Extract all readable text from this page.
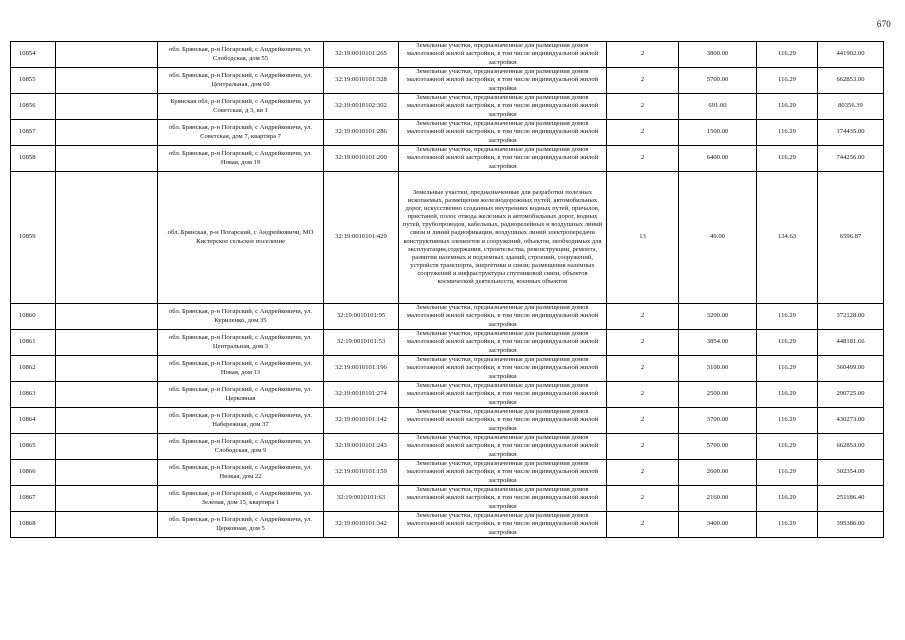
670
10854		обл. Брянская, р-н Погарский, с Андрейковичи, ул. Слободская, дом 55	32:19:0010101:265	Земельные участки, предназначенные для размещения домов малоэтажной жилой застройки, в том числе индивидуальной жилой застройки	2	3800.00	116.29	441902.00
10855		обл. Брянская, р-н Погарский, с Андрейковичи, ул. Центральная, дом 60	32:19:0010101:328	Земельные участки, предназначенные для размещения домов малоэтажной жилой застройки, в том числе индивидуальной жилой застройки	2	5700.00	116.29	662853.00
10856		Брянская обл, р-н Погарский, с Андрейковичи, ул Советская, д 3, кв 1	32:19:0010102:302	Земельные участки, предназначенные для размещения домов малоэтажной жилой застройки, в том числе индивидуальной жилой застройки	2	691.00	116.29	80356.39
10857		обл. Брянская, р-н Погарский, с Андрейковичи, ул. Советская, дом 7, квартира 7	32:19:0010101:286	Земельные участки, предназначенные для размещения домов малоэтажной жилой застройки, в том числе индивидуальной жилой застройки	2	1500.00	116.29	174435.00
10858		обл. Брянская, р-н Погарский, с Андрейковичи, ул. Новая, дом 19	32:19:0010101:200	Земельные участки, предназначенные для размещения домов малоэтажной жилой застройки, в том числе индивидуальной жилой застройки	2	6400.00	116.29	744256.00
10859		обл. Брянская, р-н Погарский, с Андрейковичи, МО Кистерское сельское поселение	32:19:0010101:429	Земельные участки, предназначенные для разработки полезных ископаемых, размещения железнодорожных путей, автомобильных дорог, искусственно созданных внутренних водных путей, причалов, пристаней, полос отвода железных и автомобильных дорог, водных путей, трубопроводов, кабельных, радиорелейных и воздушных линий связи и линий радиофикации, воздушных линий электропередачи конструктивных элементов и сооружений, объектов, необходимых для эксплуатации,содержания, строительства, реконструкции, ремонта, развития наземных и подземных зданий, строений, сооружений, устройств транспорта, энергетики и связи; размещения наземных сооружений и инфраструктуры спутниковой связи, объектов космической деятельности, военных объектов	13	49.00	134.63	6596.87
10860		обл. Брянская, р-н Погарский, с Андрейковичи, ул. Куриленко, дом 35	32:19:0010101:95	Земельные участки, предназначенные для размещения домов малоэтажной жилой застройки, в том числе индивидуальной жилой застройки	2	3200.00	116.29	372128.00
10861		обл. Брянская, р-н Погарский, с Андрейковичи, ул. Центральная, дом 3	32:19:0010101:53	Земельные участки, предназначенные для размещения домов малоэтажной жилой застройки, в том числе индивидуальной жилой застройки	2	3854.00	116.29	448181.66
10862		обл. Брянская, р-н Погарский, с Андрейковичи, ул. Новая, дом 13	32:19:0010101:196	Земельные участки, предназначенные для размещения домов малоэтажной жилой застройки, в том числе индивидуальной жилой застройки	2	3100.00	116.29	360499.00
10863		обл. Брянская, р-н Погарский, с Андрейковичи, ул. Церковная	32:19:0010101:274	Земельные участки, предназначенные для размещения домов малоэтажной жилой застройки, в том числе индивидуальной жилой застройки	2	2500.00	116.29	290725.00
10864		обл. Брянская, р-н Погарский, с Андрейковичи, ул. Набережная, дом 37	32:19:0010101:142	Земельные участки, предназначенные для размещения домов малоэтажной жилой застройки, в том числе индивидуальной жилой застройки	2	3700.00	116.29	430273.00
10865		обл. Брянская, р-н Погарский, с Андрейковичи, ул. Слободская, дом 9	32:19:0010101:243	Земельные участки, предназначенные для размещения домов малоэтажной жилой застройки, в том числе индивидуальной жилой застройки	2	5700.00	116.29	662853.00
10866		обл. Брянская, р-н Погарский, с Андрейковичи, ул. Низкая, дом 22	32:19:0010101:159	Земельные участки, предназначенные для размещения домов малоэтажной жилой застройки, в том числе индивидуальной жилой застройки	2	2600.00	116.29	302354.00
10867		обл. Брянская, р-н Погарский, с Андрейковичи, ул. Зеленая, дом 15, квартира 1	32:19:0010101:63	Земельные участки, предназначенные для размещения домов малоэтажной жилой застройки, в том числе индивидуальной жилой застройки	2	2160.00	116.29	251186.40
10868		обл. Брянская, р-н Погарский, с Андрейковичи, ул. Церковная, дом 5	32:19:0010101:342	Земельные участки, предназначенные для размещения домов малоэтажной жилой застройки, в том числе индивидуальной жилой застройки	2	3400.00	116.29	395386.00
